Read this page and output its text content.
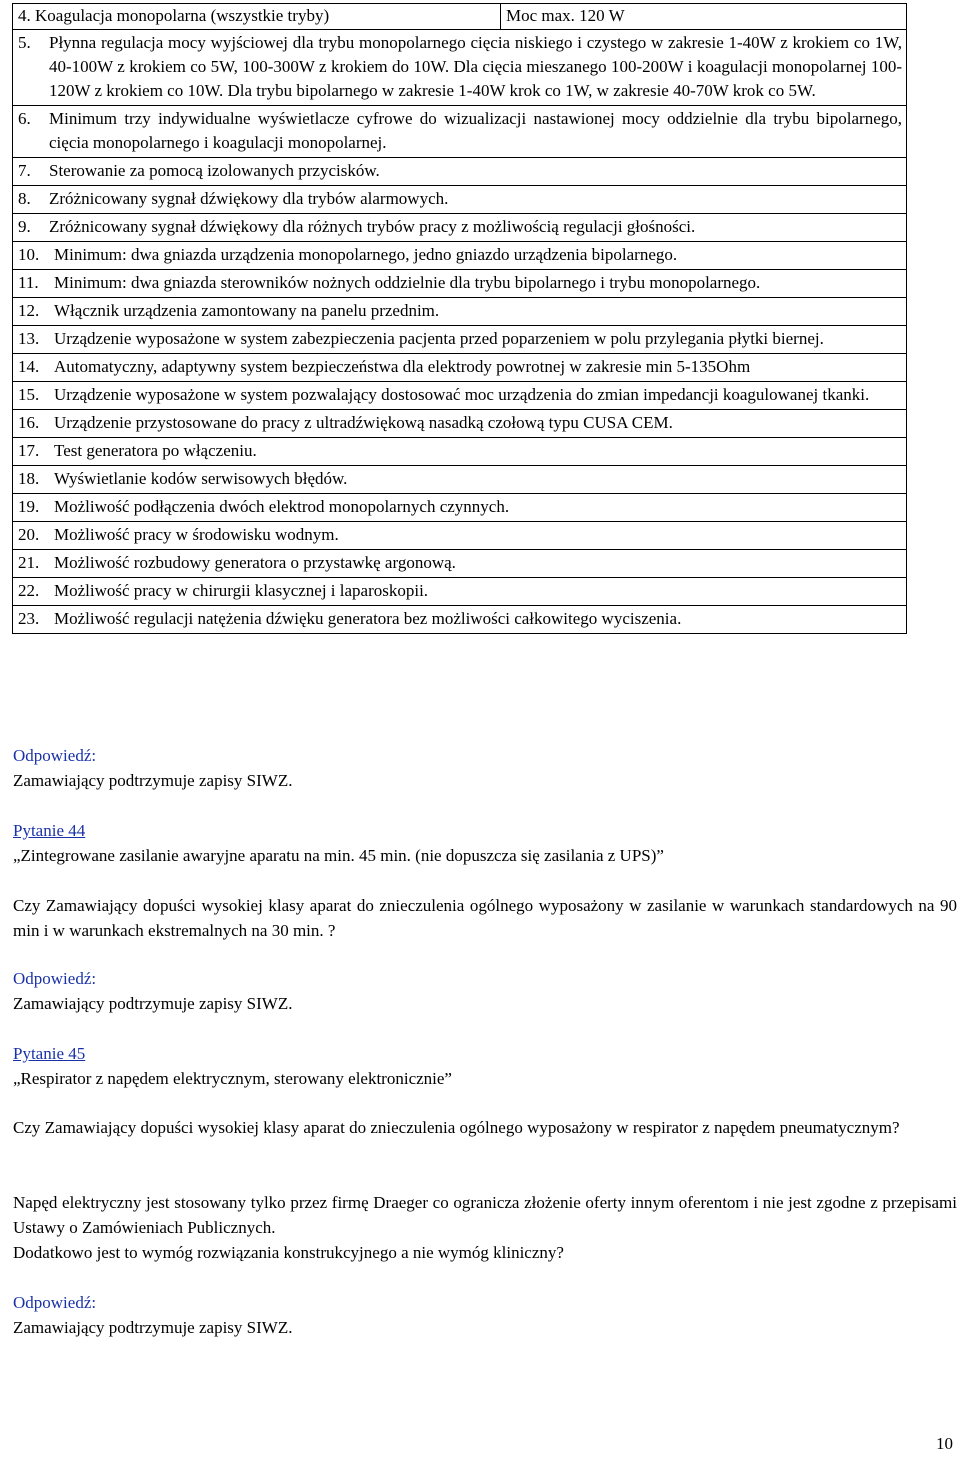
4. Koagulacja monopolarna (wszystkie tryby)	Moc max. 120 W

5.	Płynna regulacja mocy wyjściowej dla trybu monopolarnego cięcia niskiego i czystego w zakresie 1-40W z krokiem co 1W, 40-100W z krokiem co 5W, 100-300W z krokiem do 10W. Dla cięcia mieszanego 100-200W i koagulacji monopolarnej 100-120W z krokiem co 10W. Dla trybu bipolarnego w zakresie 1-40W krok co 1W, w zakresie 40-70W krok co 5W.

6.	Minimum trzy indywidualne wyświetlacze cyfrowe do wizualizacji nastawionej mocy oddzielnie dla trybu bipolarnego, cięcia monopolarnego i koagulacji monopolarnej.

7.	Sterowanie za pomocą izolowanych przycisków.

8.	Zróżnicowany sygnał dźwiękowy dla trybów alarmowych.

9.	Zróżnicowany sygnał dźwiękowy dla różnych trybów pracy z możliwością regulacji głośności.

10. Minimum: dwa gniazda urządzenia monopolarnego, jedno gniazdo urządzenia bipolarnego.

11. Minimum: dwa gniazda sterowników nożnych oddzielnie dla trybu bipolarnego i trybu monopolarnego.

12. Włącznik urządzenia zamontowany na panelu przednim.

13. Urządzenie wyposażone w system zabezpieczenia pacjenta przed poparzeniem w polu przylegania płytki biernej.

14. Automatyczny, adaptywny system bezpieczeństwa dla elektrody powrotnej w zakresie min 5-135Ohm

15. Urządzenie wyposażone w system pozwalający dostosować moc urządzenia do zmian impedancji koagulowanej tkanki.

16. Urządzenie przystosowane do pracy z ultradźwiękową nasadką czołową typu CUSA CEM.

17. Test generatora po włączeniu.

18. Wyświetlanie kodów serwisowych błędów.

19. Możliwość podłączenia dwóch elektrod monopolarnych czynnych.

20. Możliwość pracy w środowisku wodnym.

21. Możliwość rozbudowy generatora o przystawkę argonową.

22. Możliwość pracy w chirurgii klasycznej i laparoskopii.

23. Możliwość regulacji natężenia dźwięku generatora bez możliwości całkowitego wyciszenia.
Odpowiedź:
Zamawiający podtrzymuje zapisy SIWZ.
Pytanie 44
„Zintegrowane zasilanie awaryjne aparatu na min. 45 min. (nie dopuszcza się zasilania z UPS)”
Czy Zamawiający dopuści wysokiej klasy aparat do znieczulenia ogólnego wyposażony w zasilanie w warunkach standardowych na 90 min i w warunkach ekstremalnych na 30 min. ?
Odpowiedź:
Zamawiający podtrzymuje zapisy SIWZ.
Pytanie 45
„Respirator z napędem elektrycznym, sterowany elektronicznie”
Czy Zamawiający dopuści wysokiej klasy aparat do znieczulenia ogólnego wyposażony w respirator z napędem pneumatycznym?
Napęd elektryczny jest stosowany tylko przez firmę Draeger co ogranicza złożenie oferty innym oferentom i nie jest zgodne z przepisami Ustawy o Zamówieniach Publicznych.
Dodatkowo jest to wymóg rozwiązania konstrukcyjnego a nie wymóg kliniczny?
Odpowiedź:
Zamawiający podtrzymuje zapisy SIWZ.
10
